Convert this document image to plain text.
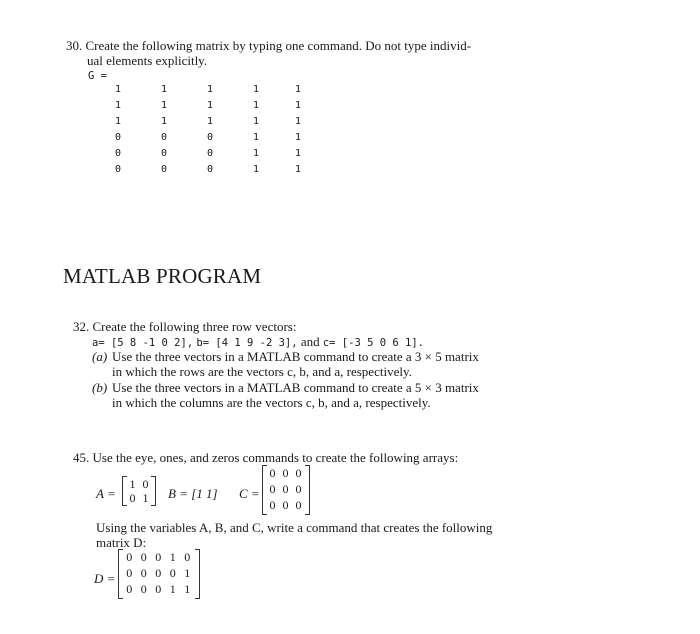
30. Create the following matrix by typing one command. Do not type individ-
ual elements explicitly.
G =
1	1	1	1	1
1	1	1	1	1
1	1	1	1	1
0	0	0	1	1
0	0	0	1	1
0	0	0	1	1
MATLAB PROGRAM
32. Create the following three row vectors:
a= [5 8 -1 0 2], b= [4 1 9 -2 3], and c= [-3 5 0 6 1].
(a) Use the three vectors in a MATLAB command to create a 3 × 5 matrix
in which the rows are the vectors c, b, and a, respectively.
(b) Use the three vectors in a MATLAB command to create a 5 × 3 matrix
in which the columns are the vectors c, b, and a, respectively.
45. Use the eye, ones, and zeros commands to create the following arrays:
A =
1 0
0 1 B = [1 1] C =
0 0 0
0 0 0
0 0 0
Using the variables A, B, and C, write a command that creates the following
matrix D:
D =
0 0 0 1 0
0 0 0 0 1
0 0 0 1 1
